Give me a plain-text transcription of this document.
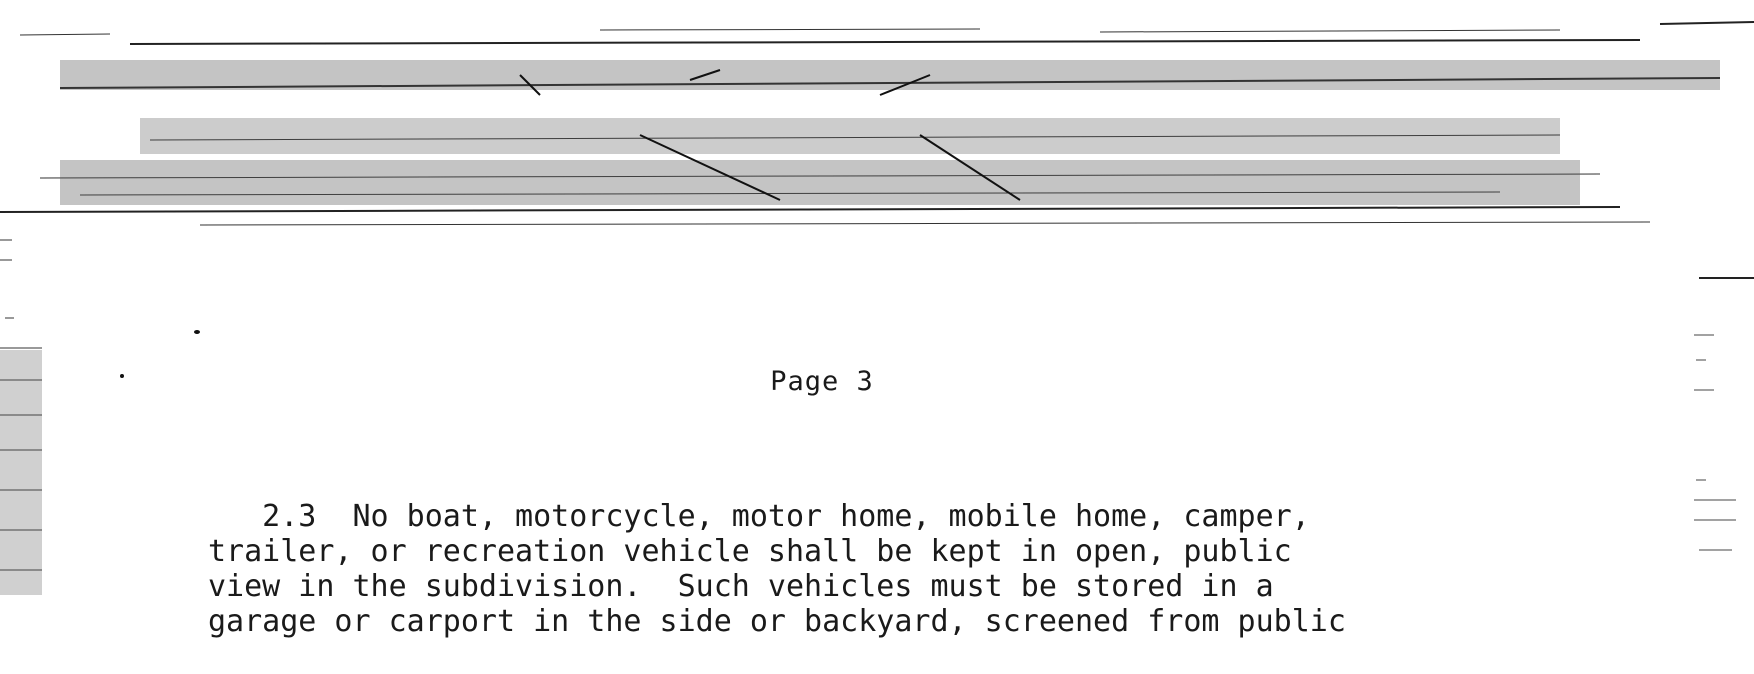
Page 3

2.3  No boat, motorcycle, motor home, mobile home, camper,
trailer, or recreation vehicle shall be kept in open, public
view in the subdivision.  Such vehicles must be stored in a
garage or carport in the side or backyard, screened from public
